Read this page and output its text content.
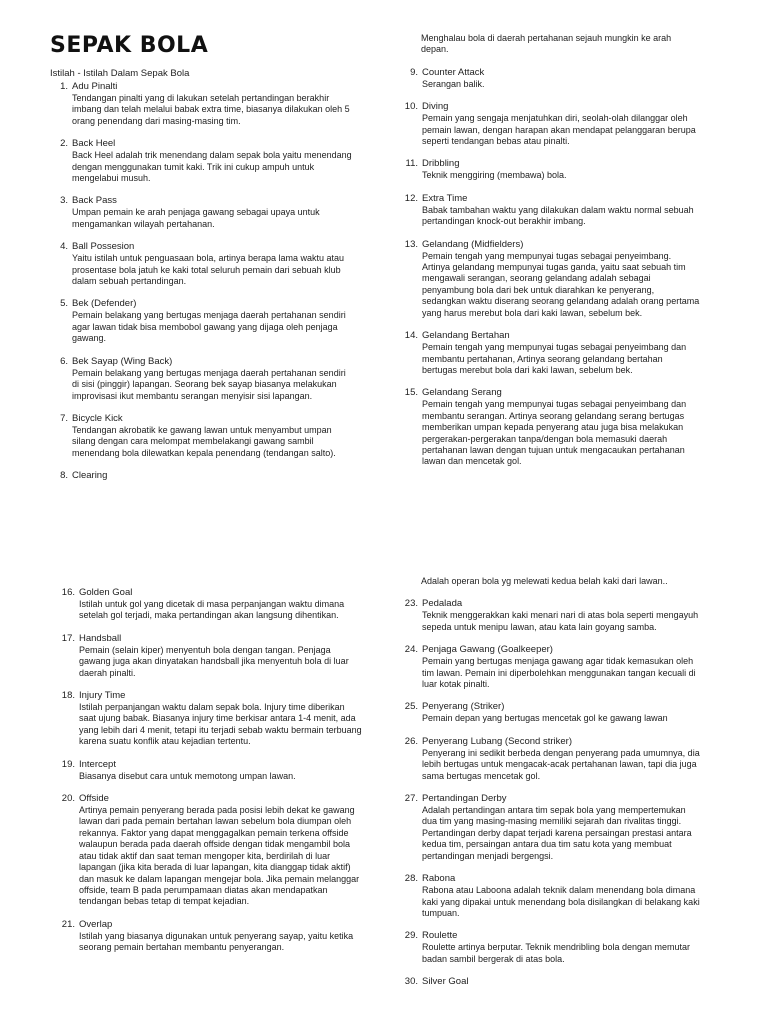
SEPAK BOLA
Istilah - Istilah Dalam Sepak Bola
1. Adu Pinalti
Tendangan pinalti yang di lakukan setelah pertandingan berakhir imbang dan telah melalui babak extra time, biasanya dilakukan oleh 5 orang penendang dari masing-masing tim.
2. Back Heel
Back Heel adalah trik menendang dalam sepak bola yaitu menendang dengan menggunakan tumit kaki. Trik ini cukup ampuh untuk mengelabui musuh.
3. Back Pass
Umpan pemain ke arah penjaga gawang sebagai upaya untuk mengamankan wilayah pertahanan.
4. Ball Possesion
Yaitu istilah untuk penguasaan bola, artinya berapa lama waktu atau prosentase bola jatuh ke kaki total seluruh pemain dari sebuah klub dalam sebuah pertandingan.
5. Bek (Defender)
Pemain belakang yang bertugas menjaga daerah pertahanan sendiri agar lawan tidak bisa membobol gawang yang dijaga oleh penjaga gawang.
6. Bek Sayap (Wing Back)
Pemain belakang yang bertugas menjaga daerah pertahanan sendiri di sisi (pinggir) lapangan. Seorang bek sayap biasanya melakukan improvisasi ikut membantu serangan menyisir sisi lapangan.
7. Bicycle Kick
Tendangan akrobatik ke gawang lawan untuk menyambut umpan silang dengan cara melompat membelakangi gawang sambil menendang bola dilewatkan kepala penendang (tendangan salto).
8. Clearing
Menghalau bola di daerah pertahanan sejauh mungkin ke arah depan.
9. Counter Attack
Serangan balik.
10. Diving
Pemain yang sengaja menjatuhkan diri, seolah-olah dilanggar oleh pemain lawan, dengan harapan akan mendapat pelanggaran berupa seperti tendangan bebas atau pinalti.
11. Dribbling
Teknik menggiring (membawa) bola.
12. Extra Time
Babak tambahan waktu yang dilakukan dalam waktu normal sebuah pertandingan knock-out berakhir imbang.
13. Gelandang (Midfielders)
Pemain tengah yang mempunyai tugas sebagai penyeimbang. Artinya gelandang mempunyai tugas ganda, yaitu saat sebuah tim mengawali serangan, seorang gelandang adalah sebagai penyambung bola dari bek untuk diarahkan ke penyerang, sedangkan waktu diserang seorang gelandang adalah orang pertama yang harus merebut bola dari kaki lawan, sebelum bek.
14. Gelandang Bertahan
Pemain tengah yang mempunyai tugas sebagai penyeimbang dan membantu pertahanan, Artinya seorang gelandang bertahan bertugas merebut bola dari kaki lawan, sebelum bek.
15. Gelandang Serang
Pemain tengah yang mempunyai tugas sebagai penyeimbang dan membantu serangan. Artinya seorang gelandang serang bertugas memberikan umpan kepada penyerang atau juga bisa melakukan pergerakan-pergerakan tanpa/dengan bola memasuki daerah pertahanan lawan dengan tujuan untuk mengacaukan pertahanan lawan dan mencetak gol.
16. Golden Goal
Istilah untuk gol yang dicetak di masa perpanjangan waktu dimana setelah gol terjadi, maka pertandingan akan langsung dihentikan.
17. Handsball
Pemain (selain kiper) menyentuh bola dengan tangan. Penjaga gawang juga akan dinyatakan handsball jika menyentuh bola di luar daerah pinalti.
18. Injury Time
Istilah perpanjangan waktu dalam sepak bola. Injury time diberikan saat ujung babak. Biasanya injury time berkisar antara 1-4 menit, ada yang lebih dari 4 menit, tetapi itu terjadi sebab waktu bermain terbuang karena suatu konflik atau kejadian tertentu.
19. Intercept
Biasanya disebut cara untuk memotong umpan lawan.
20. Offside
Artinya pemain penyerang berada pada posisi lebih dekat ke gawang lawan dari pada pemain bertahan lawan sebelum bola diumpan oleh rekannya. Faktor yang dapat menggagalkan pemain terkena offside walaupun berada pada daerah offside dengan tidak mengambil bola atau tidak aktif dan saat teman mengoper kita, berdirilah di luar lapangan (jika kita berada di luar lapangan, kita dianggap tidak aktif) dan masuk ke dalam lapangan mengejar bola. Jika pemain melanggar offside, team B pada perumpamaan diatas akan mendapatkan tendangan bebas tetap di tempat kejadian.
21. Overlap
Istilah yang biasanya digunakan untuk penyerang sayap, yaitu ketika seorang pemain bertahan membantu penyerangan.
Adalah operan bola yg melewati kedua belah kaki dari lawan..
23. Pedalada
Teknik menggerakkan kaki menari nari di atas bola seperti mengayuh sepeda untuk menipu lawan, atau kata lain goyang samba.
24. Penjaga Gawang (Goalkeeper)
Pemain yang bertugas menjaga gawang agar tidak kemasukan oleh tim lawan. Pemain ini diperbolehkan menggunakan tangan kecuali di luar kotak pinalti.
25. Penyerang (Striker)
Pemain depan yang bertugas mencetak gol ke gawang lawan
26. Penyerang Lubang (Second striker)
Penyerang ini sedikit berbeda dengan penyerang pada umumnya, dia lebih bertugas untuk mengacak-acak pertahanan lawan, tapi dia juga sama bertugas mencetak gol.
27. Pertandingan Derby
Adalah pertandingan antara tim sepak bola yang mempertemukan dua tim yang masing-masing memiliki sejarah dan rivalitas tinggi. Pertandingan derby dapat terjadi karena persaingan prestasi antara kedua tim, persaingan antara dua tim satu kota yang membuat pertandingan menjadi bergengsi.
28. Rabona
Rabona atau Laboona adalah teknik dalam menendang bola dimana kaki yang dipakai untuk menendang bola disilangkan di belakang kaki tumpuan.
29. Roulette
Roulette artinya berputar. Teknik mendribling bola dengan memutar badan sambil bergerak di atas bola.
30. Silver Goal
